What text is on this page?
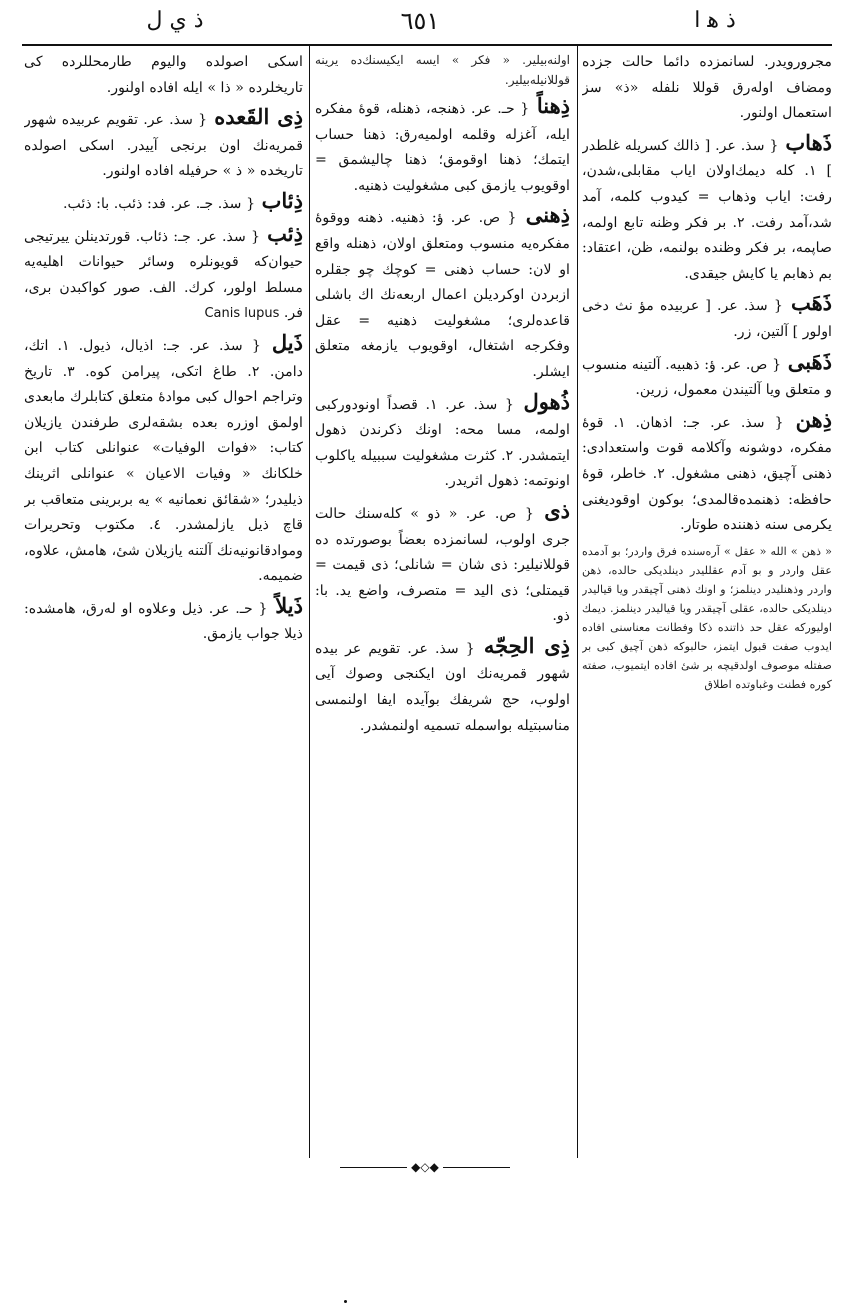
ذ ي ل	٦٥١	ذ ﻫ ا

مجرورويدر. لسانمزده دائما حالت جزده ومضاف اولەرق قوللا نلفله «ذ» سز استعمال اولنور.

ذَهاب { سذ. عر. [ ذالك كسريله غلطدر ] ١. كله دیمك‌اولان ایاب مقابلی،شدن، رفت: ایاب وذهاب = کیدوب کلمه، آمد شد،آمد رفت. ٢. بر فکر وظنه تابع اولمه، صاپمه، بر فکر وظنده بولنمه، ظن، اعتقاد: بم ذهابم یا کایش جیقدی.

ذَهَب { سذ. عر. [ عربیده مؤ نث دخی اولور ] آلتین، زر.

ذَهَبی { ص. عر. ؤ: ذهبیه. آلتینه منسوب و متعلق ویا آلتیندن معمول، زرین.

ذِهن { سذ. عر. جـ: اذهان. ١. قوهٔ مفکره، دوشونه وآکلامه قوت واستعدادی: ذهنی آچیق، ذهنی مشغول. ٢. خاطر، قوهٔ حافظه: ذهنمده‌قالمدی؛ بوکون اوقودیغنی یکرمی سنه ذهننده طوتار.

« ذهن » الله « عقل » آره‌سنده فرق واردر؛ بو آدمده عقل واردر و بو آدم عقللیدر دینلدیکی حالده، ذهن واردر وذهنلیدر دینلمز؛ و اونك ذهنی آچیقدر ویا قیالیدر دینلدیکی حالده، عقلی آچیقدر ویا قیالیدر دینلمز. دیمك اولیورکه عقل حد ذاتنده ذکا وفطانت معناسنی افاده ایدوب صفت قبول ایتمز، حالبوکه ذهن آچیق کبی بر صفتله موصوف اولدقیچه بر شیٔ افاده ایتمیوب، صفته کوره فطنت وغباوتده اطلاق

اولنه‌بیلیر. « فکر » ایسه ایکیسنك‌ده یرینه قوللانیله‌بیلیر.

ذِهناً { حـ. عر. ذهنجه، ذهنله، قوهٔ مفکره ایله، آغزله وقلمه اولمیه‌رق: ذهنا حساب ایتمك؛ ذهنا اوقومق؛ ذهنا چالیشمق = اوقویوب یازمق کبی مشغولیت ذهنیه.

ذِهنی { ص. عر. ؤ: ذهنیه. ذهنه ووقوهٔ مفکره‌یه منسوب ومتعلق اولان، ذهنله واقع او لان: حساب ذهنی = کوچك چو جقلره ازبردن اوکردیلن اعمال اربعه‌نك اك باشلی قاعده‌لری؛ مشغولیت ذهنیه = عقل وفکرجه اشتغال، اوقویوب یازمغه متعلق ایشلر.

ذُهول { سذ. عر. ١. قصداً اونودوركبی اولمه، مسا محه: اونك ذکرندن ذهول ایتمشدر. ٢. کثرت مشغولیت سببیله یاکلوب اونوتمه: ذهول اثریدر.

ذی { ص. عر. « ذو » کله‌سنك حالت جری اولوب، لسانمزده بعضاً بوصورتده ده قوللانیلیر: ذی شان = شانلی؛ ذی قیمت = قیمتلی؛ ذی الید = متصرف، واضع ید. با: ذو.

ذِی الحِجّه { سذ. عر. تقویم عر بیده شهور قمریه‌نك اون ایکنجی وصوك آیی اولوب، حج شریفك بوآیده ایفا اولنمسی مناسبتیله بواسمله تسمیه اولنمشدر.

اسکی اصولده والیوم طارمحللرده کی تاریخلرده « ذا » ایله افاده اولنور.

ذِی القَعده { سذ. عر. تقویم عربیده شهور قمریه‌نك اون برنجی آییدر. اسکی اصولده تاریخده « ذ » حرفیله افاده اولنور.

ذِئاب { سذ. جـ. عر. فد: ذئب. با: ذئب.

ذِئب { سذ. عر. جـ: ذئاب. قورتدینلن ییرتیجی حیوان‌که قویونلره وسائر حیوانات اهلیه‌یه مسلط اولور، کرك. الف. صور کواکبدن بری، فر. Canis lupus

ذَیل { سذ. عر. جـ: اذیال، ذیول. ١. اتك، دامن. ٢. طاغ اتکی، پیرامن کوه. ٣. تاریخ وتراجم احوال کبی موادهٔ متعلق کتابلرك مابعدی اولمق اوزره بعده بشقه‌لری طرفندن یازیلان کتاب: «فوات الوفیات» عنوانلی کتاب ابن خلکانك « وفیات الاعیان » عنوانلی اثرینك ذیلیدر؛ «شقائق نعمانیه » یه بربرینی متعاقب بر قاچ ذیل یازلمشدر. ٤. مکتوب وتحریرات وموادقانونیه‌نك آلتنه یازیلان شیٔ، هامش، علاوه، ضمیمه.

ذَیلاً { حـ. عر. ذیل وعلاوه او لەرق، هامشده: ذیلا جواب یازمق.

◆◇◆
